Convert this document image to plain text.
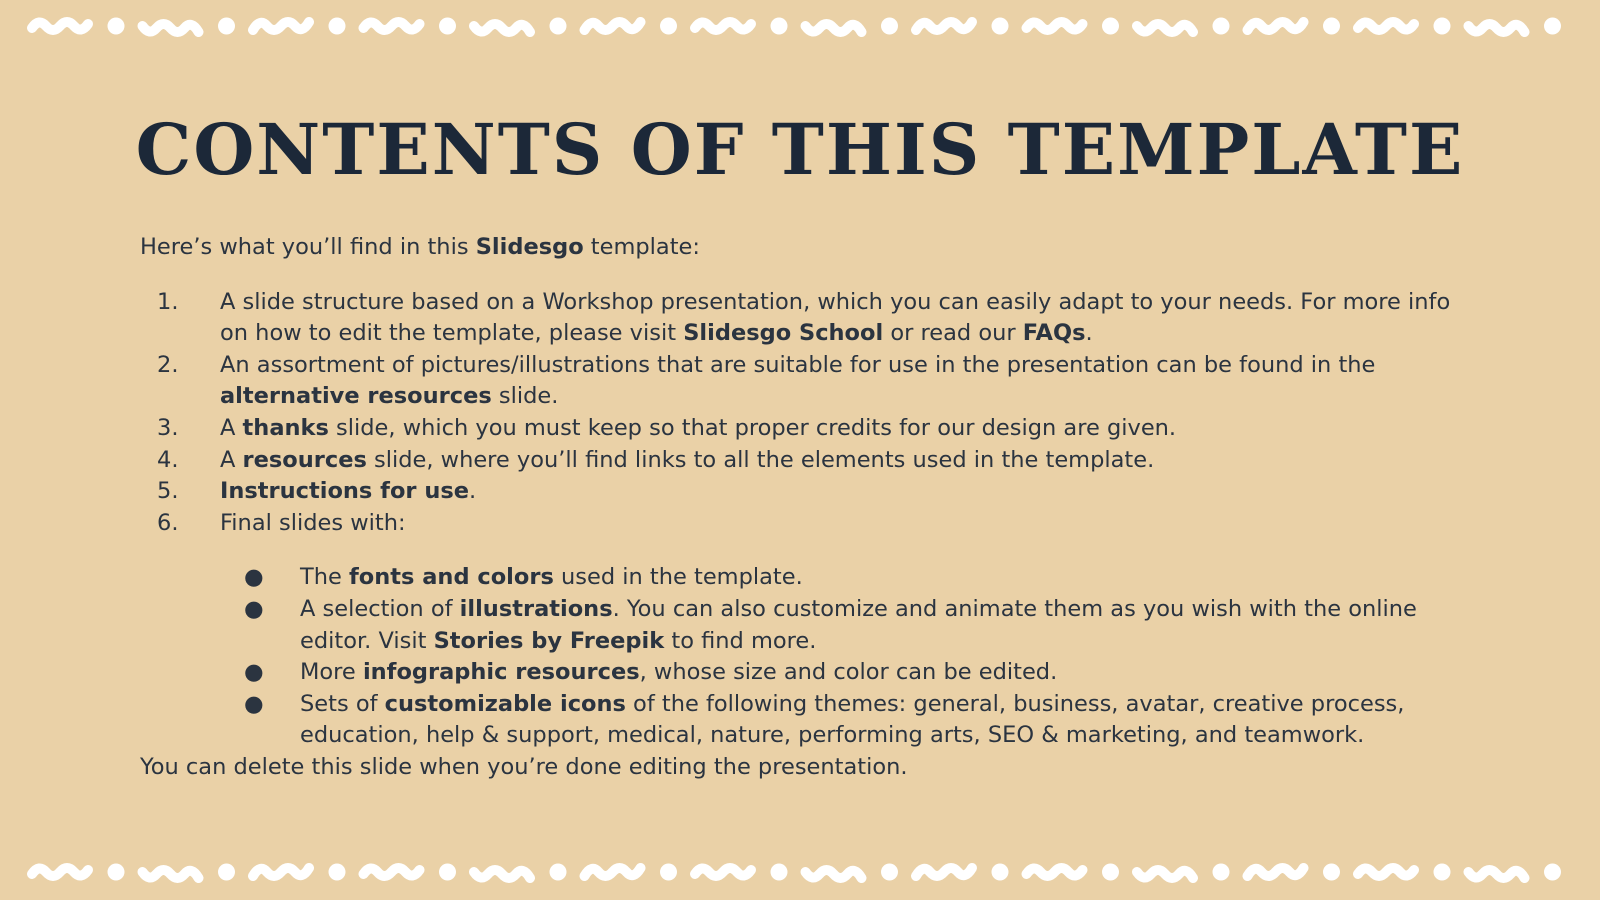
CONTENTS OF THIS TEMPLATE

Here’s what you’ll find in this Slidesgo template:

1. A slide structure based on a Workshop presentation, which you can easily adapt to your needs. For more info on how to edit the template, please visit Slidesgo School or read our FAQs.
2. An assortment of pictures/illustrations that are suitable for use in the presentation can be found in the alternative resources slide.
3. A thanks slide, which you must keep so that proper credits for our design are given.
4. A resources slide, where you’ll find links to all the elements used in the template.
5. Instructions for use.
6. Final slides with:
● The fonts and colors used in the template.
● A selection of illustrations. You can also customize and animate them as you wish with the online editor. Visit Stories by Freepik to find more.
● More infographic resources, whose size and color can be edited.
● Sets of customizable icons of the following themes: general, business, avatar, creative process, education, help & support, medical, nature, performing arts, SEO & marketing, and teamwork.

You can delete this slide when you’re done editing the presentation.
